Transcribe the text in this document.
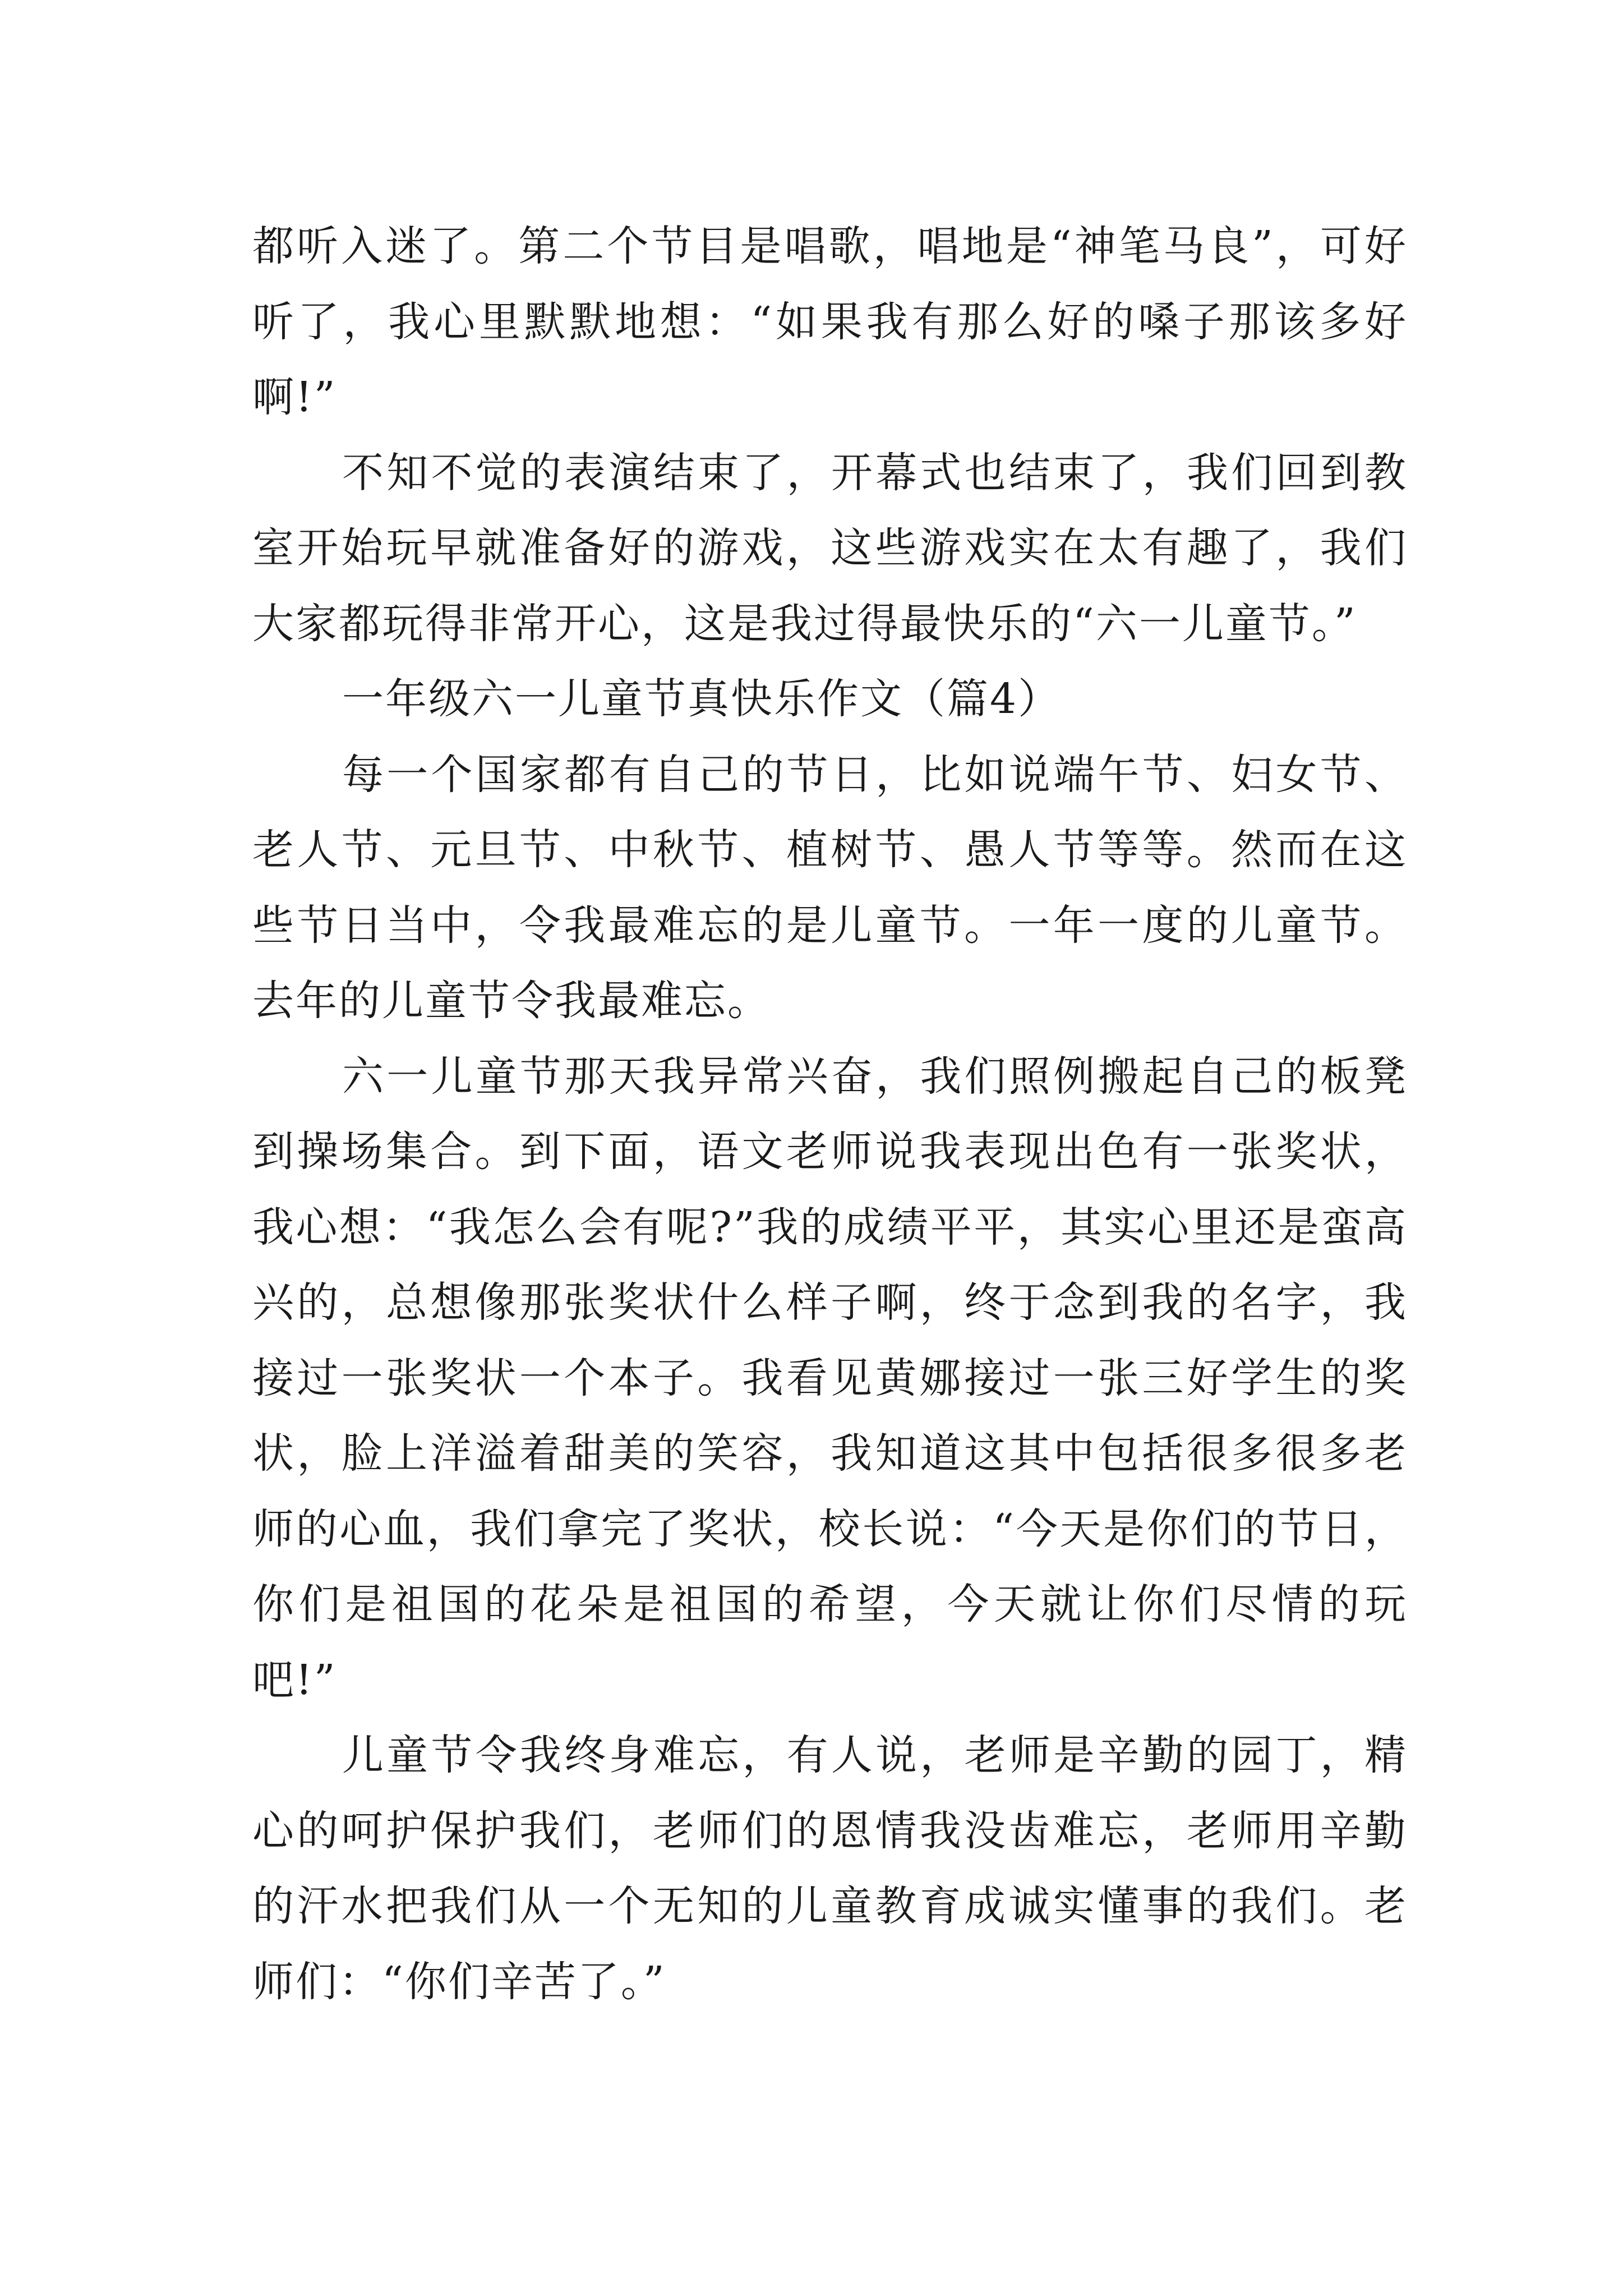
都听入迷了。第二个节目是唱歌，唱地是“神笔马良”，可好听了，我心里默默地想：“如果我有那么好的嗓子那该多好啊!”

不知不觉的表演结束了，开幕式也结束了，我们回到教室开始玩早就准备好的游戏，这些游戏实在太有趣了，我们大家都玩得非常开心，这是我过得最快乐的“六一儿童节。”

一年级六一儿童节真快乐作文（篇4）

每一个国家都有自己的节日，比如说端午节、妇女节、老人节、元旦节、中秋节、植树节、愚人节等等。然而在这些节日当中，令我最难忘的是儿童节。一年一度的儿童节。去年的儿童节令我最难忘。

六一儿童节那天我异常兴奋，我们照例搬起自己的板凳到操场集合。到下面，语文老师说我表现出色有一张奖状，我心想：“我怎么会有呢?”我的成绩平平，其实心里还是蛮高兴的，总想像那张奖状什么样子啊，终于念到我的名字，我接过一张奖状一个本子。我看见黄娜接过一张三好学生的奖状，脸上洋溢着甜美的笑容，我知道这其中包括很多很多老师的心血，我们拿完了奖状，校长说：“今天是你们的节日，你们是祖国的花朵是祖国的希望，今天就让你们尽情的玩吧!”

儿童节令我终身难忘，有人说，老师是辛勤的园丁，精心的呵护保护我们，老师们的恩情我没齿难忘，老师用辛勤的汗水把我们从一个无知的儿童教育成诚实懂事的我们。老师们：“你们辛苦了。”
